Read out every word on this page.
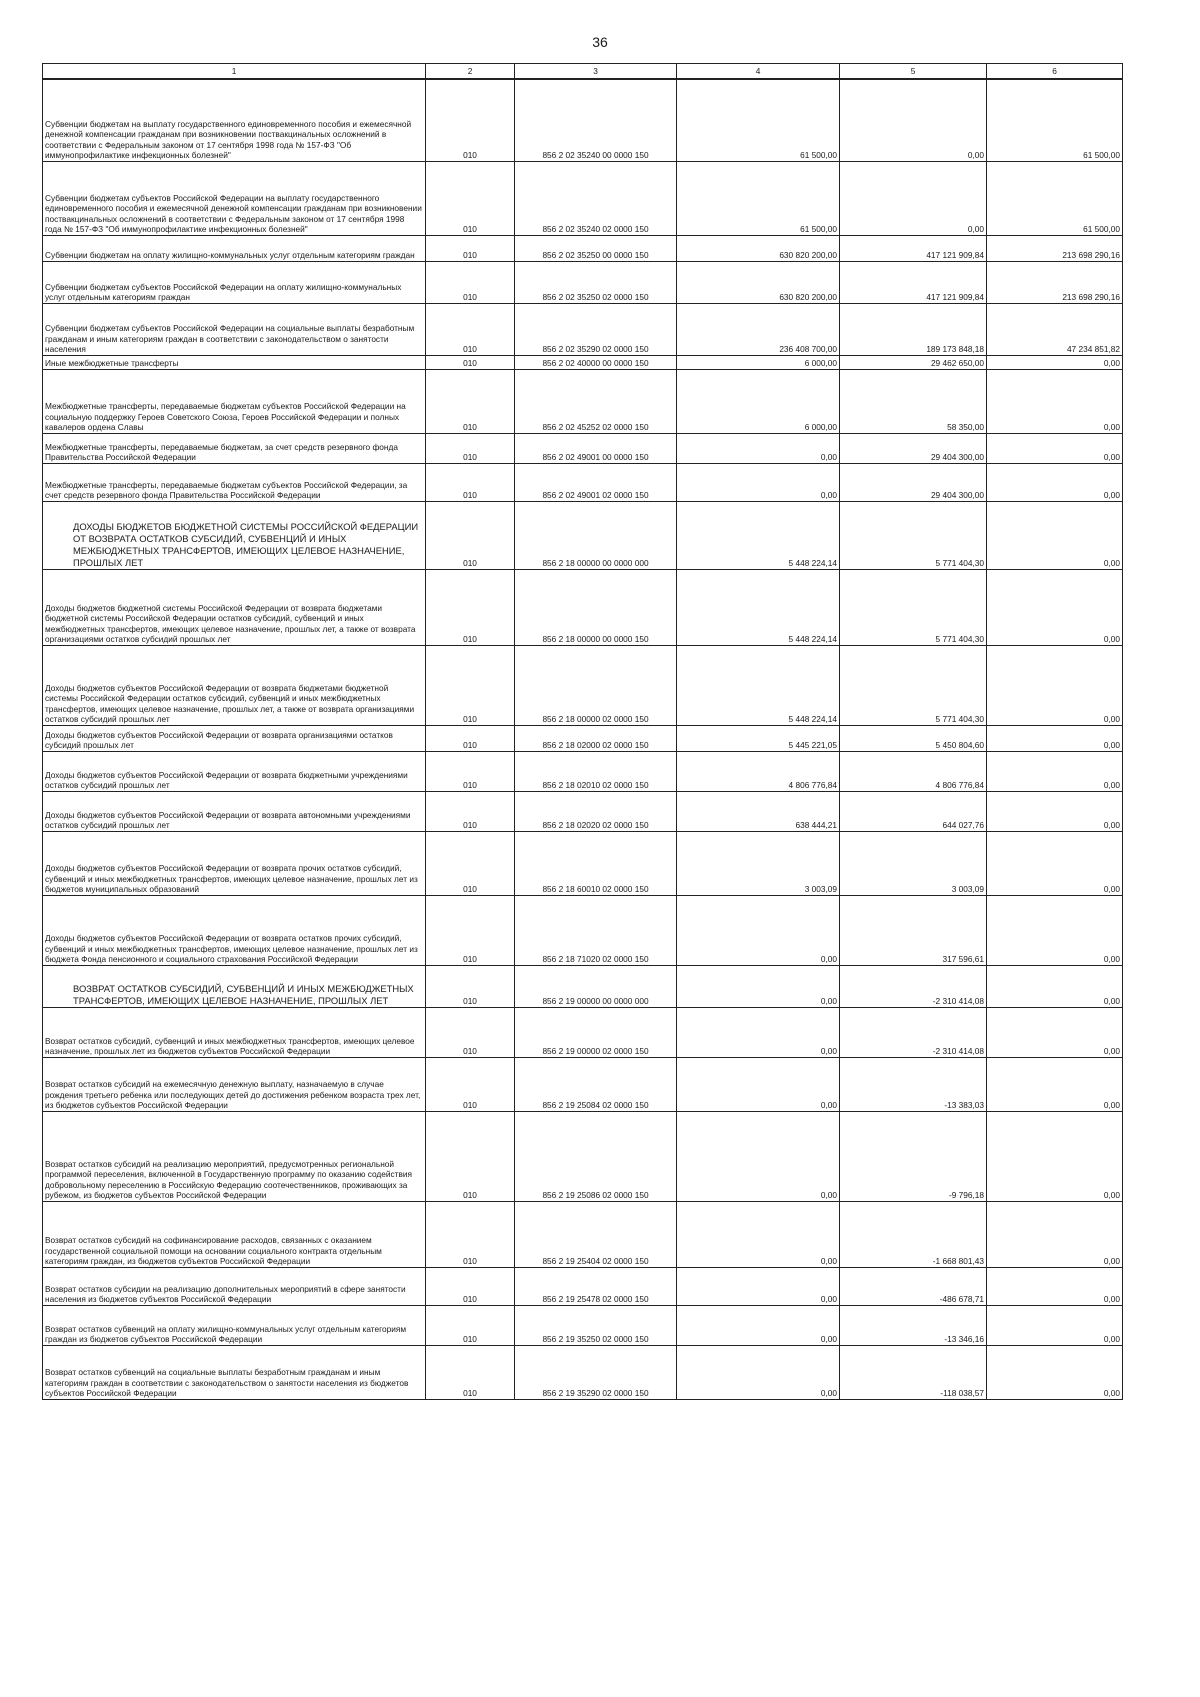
36
1	2	3	4	5	6
Субвенции бюджетам на выплату государственного единовременного пособия и ежемесячной денежной компенсации гражданам при возникновении поствакцинальных осложнений в соответствии с Федеральным законом от 17 сентября 1998 года № 157-ФЗ "Об иммунопрофилактике инфекционных болезней"	010	856 2 02 35240 00 0000 150	61 500,00	0,00	61 500,00
Субвенции бюджетам субъектов Российской Федерации на выплату государственного единовременного пособия и ежемесячной денежной компенсации гражданам при возникновении поствакцинальных осложнений в соответствии с Федеральным законом от 17 сентября 1998 года № 157-ФЗ "Об иммунопрофилактике инфекционных болезней"	010	856 2 02 35240 02 0000 150	61 500,00	0,00	61 500,00
Субвенции бюджетам на оплату жилищно-коммунальных услуг отдельным категориям граждан	010	856 2 02 35250 00 0000 150	630 820 200,00	417 121 909,84	213 698 290,16
Субвенции бюджетам субъектов Российской Федерации на оплату жилищно-коммунальных услуг отдельным категориям граждан	010	856 2 02 35250 02 0000 150	630 820 200,00	417 121 909,84	213 698 290,16
Субвенции бюджетам субъектов Российской Федерации на социальные выплаты безработным гражданам и иным категориям граждан в соответствии с законодательством о занятости населения	010	856 2 02 35290 02 0000 150	236 408 700,00	189 173 848,18	47 234 851,82
Иные межбюджетные трансферты	010	856 2 02 40000 00 0000 150	6 000,00	29 462 650,00	0,00
Межбюджетные трансферты, передаваемые бюджетам субъектов Российской Федерации на социальную поддержку Героев Советского Союза, Героев Российской Федерации и полных кавалеров ордена Славы	010	856 2 02 45252 02 0000 150	6 000,00	58 350,00	0,00
Межбюджетные трансферты, передаваемые бюджетам, за счет средств резервного фонда Правительства Российской Федерации	010	856 2 02 49001 00 0000 150	0,00	29 404 300,00	0,00
Межбюджетные трансферты, передаваемые бюджетам субъектов Российской Федерации, за счет средств резервного фонда Правительства Российской Федерации	010	856 2 02 49001 02 0000 150	0,00	29 404 300,00	0,00
ДОХОДЫ БЮДЖЕТОВ БЮДЖЕТНОЙ СИСТЕМЫ РОССИЙСКОЙ ФЕДЕРАЦИИ ОТ ВОЗВРАТА ОСТАТКОВ СУБСИДИЙ, СУБВЕНЦИЙ И ИНЫХ МЕЖБЮДЖЕТНЫХ ТРАНСФЕРТОВ, ИМЕЮЩИХ ЦЕЛЕВОЕ НАЗНАЧЕНИЕ, ПРОШЛЫХ ЛЕТ	010	856 2 18 00000 00 0000 000	5 448 224,14	5 771 404,30	0,00
Доходы бюджетов бюджетной системы Российской Федерации от возврата бюджетами бюджетной системы Российской Федерации остатков субсидий, субвенций и иных межбюджетных трансфертов, имеющих целевое назначение, прошлых лет, а также от возврата организациями остатков субсидий прошлых лет	010	856 2 18 00000 00 0000 150	5 448 224,14	5 771 404,30	0,00
Доходы бюджетов субъектов Российской Федерации от возврата бюджетами бюджетной системы Российской Федерации остатков субсидий, субвенций и иных межбюджетных трансфертов, имеющих целевое назначение, прошлых лет, а также от возврата организациями остатков субсидий прошлых лет	010	856 2 18 00000 02 0000 150	5 448 224,14	5 771 404,30	0,00
Доходы бюджетов субъектов Российской Федерации от возврата организациями остатков субсидий прошлых лет	010	856 2 18 02000 02 0000 150	5 445 221,05	5 450 804,60	0,00
Доходы бюджетов субъектов Российской Федерации от возврата бюджетными учреждениями остатков субсидий прошлых лет	010	856 2 18 02010 02 0000 150	4 806 776,84	4 806 776,84	0,00
Доходы бюджетов субъектов Российской Федерации от возврата автономными учреждениями остатков субсидий прошлых лет	010	856 2 18 02020 02 0000 150	638 444,21	644 027,76	0,00
Доходы бюджетов субъектов Российской Федерации от возврата прочих остатков субсидий, субвенций и иных межбюджетных трансфертов, имеющих целевое назначение, прошлых лет из бюджетов муниципальных образований	010	856 2 18 60010 02 0000 150	3 003,09	3 003,09	0,00
Доходы бюджетов субъектов Российской Федерации от возврата остатков прочих субсидий, субвенций и иных межбюджетных трансфертов, имеющих целевое назначение, прошлых лет из бюджета Фонда пенсионного и социального страхования Российской Федерации	010	856 2 18 71020 02 0000 150	0,00	317 596,61	0,00
ВОЗВРАТ ОСТАТКОВ СУБСИДИЙ, СУБВЕНЦИЙ И ИНЫХ МЕЖБЮДЖЕТНЫХ ТРАНСФЕРТОВ, ИМЕЮЩИХ ЦЕЛЕВОЕ НАЗНАЧЕНИЕ, ПРОШЛЫХ ЛЕТ	010	856 2 19 00000 00 0000 000	0,00	-2 310 414,08	0,00
Возврат остатков субсидий, субвенций и иных межбюджетных трансфертов, имеющих целевое назначение, прошлых лет из бюджетов субъектов Российской Федерации	010	856 2 19 00000 02 0000 150	0,00	-2 310 414,08	0,00
Возврат остатков субсидий на ежемесячную денежную выплату, назначаемую в случае рождения третьего ребенка или последующих детей до достижения ребенком возраста трех лет, из бюджетов субъектов Российской Федерации	010	856 2 19 25084 02 0000 150	0,00	-13 383,03	0,00
Возврат остатков субсидий на реализацию мероприятий, предусмотренных региональной программой переселения, включенной в Государственную программу по оказанию содействия добровольному переселению в Российскую Федерацию соотечественников, проживающих за рубежом, из бюджетов субъектов Российской Федерации	010	856 2 19 25086 02 0000 150	0,00	-9 796,18	0,00
Возврат остатков субсидий на софинансирование расходов, связанных с оказанием государственной социальной помощи на основании социального контракта отдельным категориям граждан, из бюджетов субъектов Российской Федерации	010	856 2 19 25404 02 0000 150	0,00	-1 668 801,43	0,00
Возврат остатков субсидии на реализацию дополнительных мероприятий в сфере занятости населения из бюджетов субъектов Российской Федерации	010	856 2 19 25478 02 0000 150	0,00	-486 678,71	0,00
Возврат остатков субвенций на оплату жилищно-коммунальных услуг отдельным категориям граждан из бюджетов субъектов Российской Федерации	010	856 2 19 35250 02 0000 150	0,00	-13 346,16	0,00
Возврат остатков субвенций на социальные выплаты безработным гражданам и иным категориям граждан в соответствии с законодательством о занятости населения из бюджетов субъектов Российской Федерации	010	856 2 19 35290 02 0000 150	0,00	-118 038,57	0,00
